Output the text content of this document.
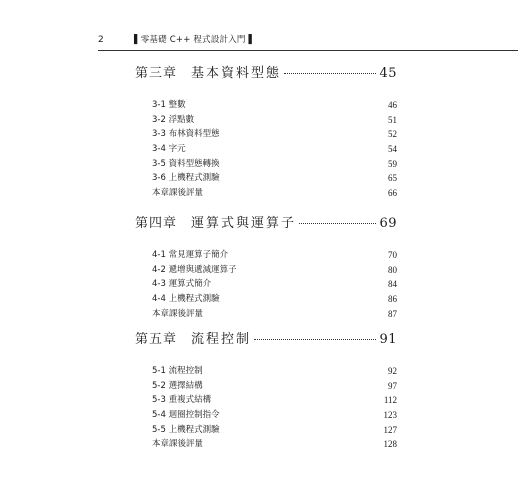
2	▌零基礎 C++ 程式設計入門 ▌
第三章 基本資料型態	45
3-1 整數	46
3-2 浮點數	51
3-3 布林資料型態	52
3-4 字元	54
3-5 資料型態轉換	59
3-6 上機程式測驗	65
本章課後評量	66
第四章 運算式與運算子	69
4-1 常見運算子簡介	70
4-2 遞增與遞減運算子	80
4-3 運算式簡介	84
4-4 上機程式測驗	86
本章課後評量	87
第五章 流程控制	91
5-1 流程控制	92
5-2 選擇結構	97
5-3 重複式結構	112
5-4 迴圈控制指令	123
5-5 上機程式測驗	127
本章課後評量	128
